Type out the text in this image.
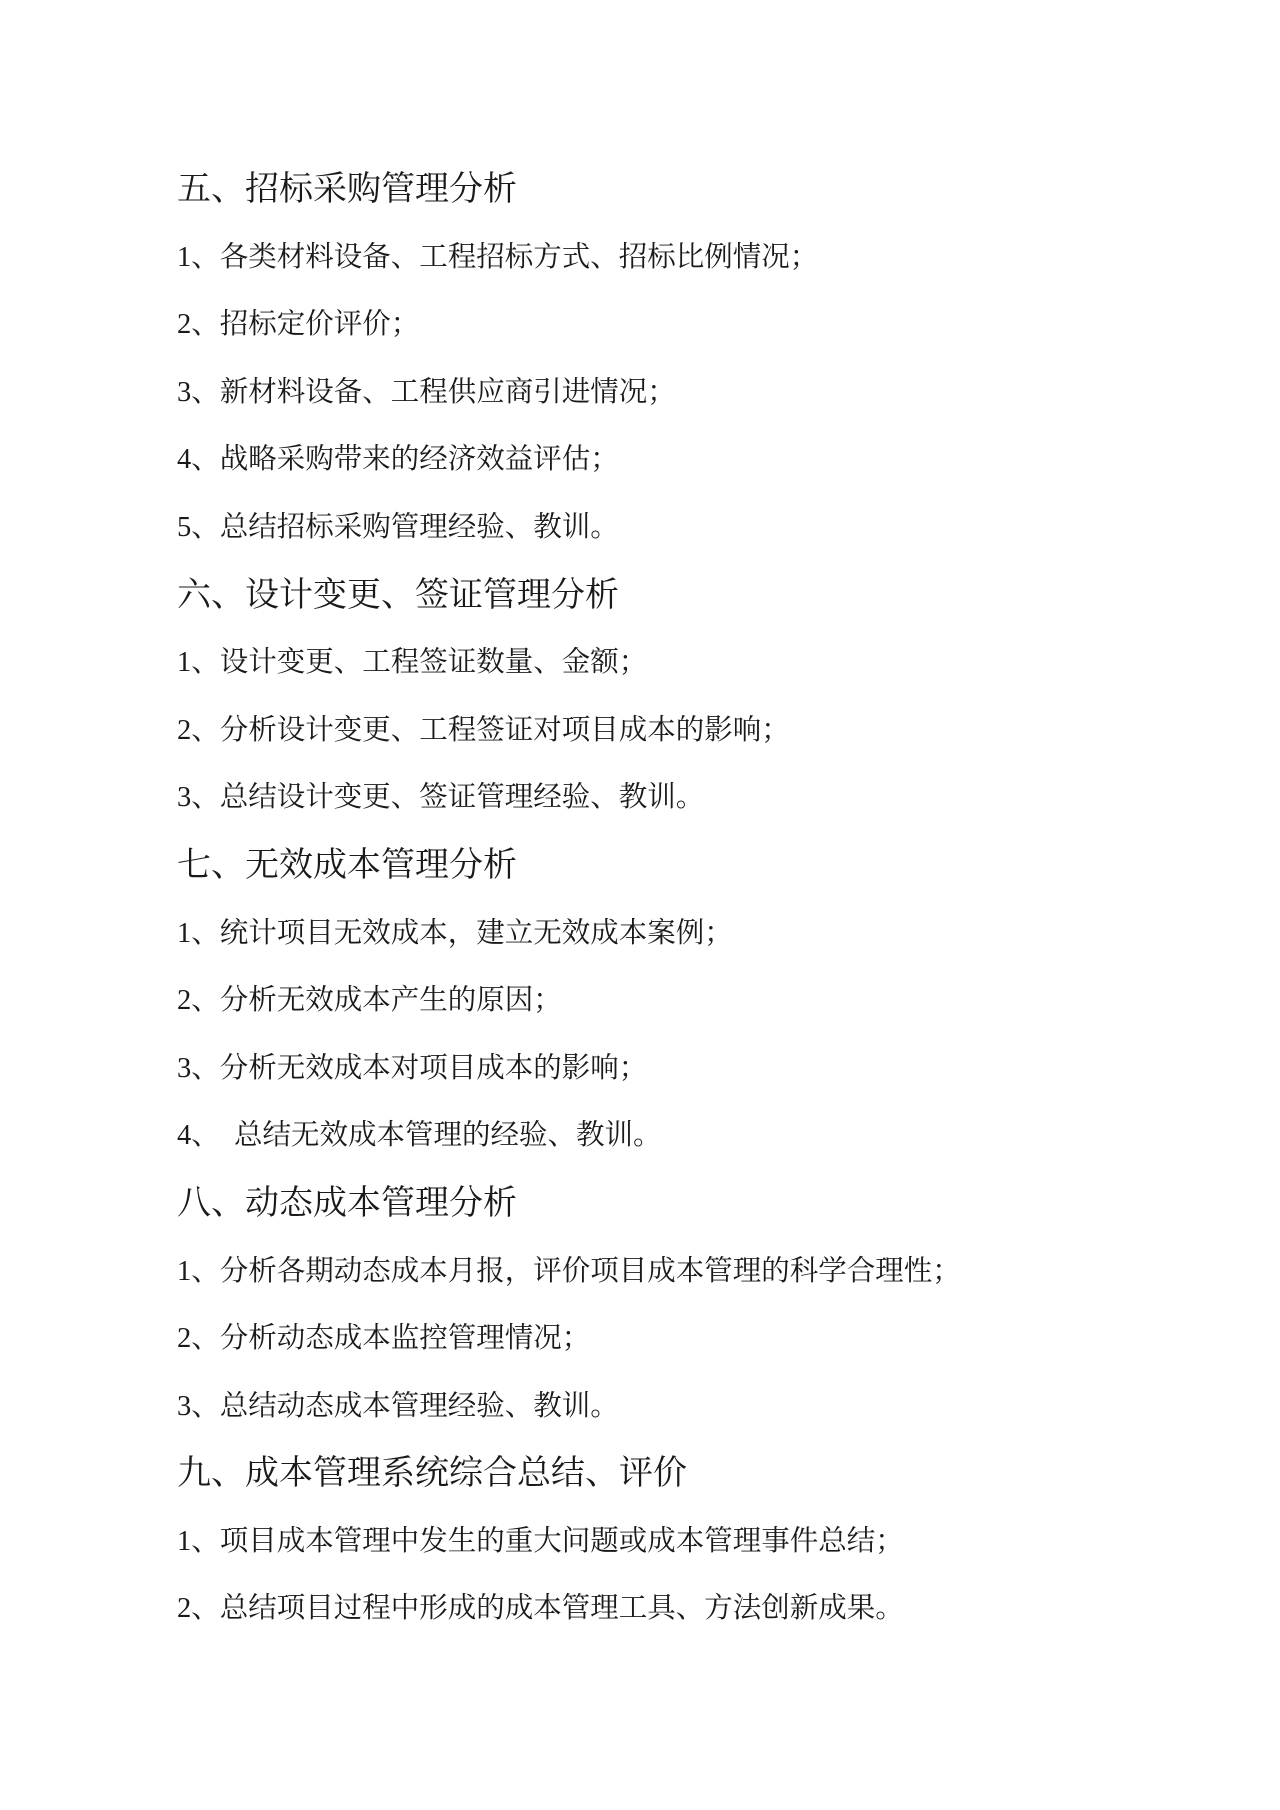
五、招标采购管理分析
1、各类材料设备、工程招标方式、招标比例情况；
2、招标定价评价；
3、新材料设备、工程供应商引进情况；
4、战略采购带来的经济效益评估；
5、总结招标采购管理经验、教训。
六、设计变更、签证管理分析
1、设计变更、工程签证数量、金额；
2、分析设计变更、工程签证对项目成本的影响；
3、总结设计变更、签证管理经验、教训。
七、无效成本管理分析
1、统计项目无效成本，建立无效成本案例；
2、分析无效成本产生的原因；
3、分析无效成本对项目成本的影响；
4、  总结无效成本管理的经验、教训。
八、动态成本管理分析
1、分析各期动态成本月报，评价项目成本管理的科学合理性；
2、分析动态成本监控管理情况；
3、总结动态成本管理经验、教训。
九、成本管理系统综合总结、评价
1、项目成本管理中发生的重大问题或成本管理事件总结；
2、总结项目过程中形成的成本管理工具、方法创新成果。
